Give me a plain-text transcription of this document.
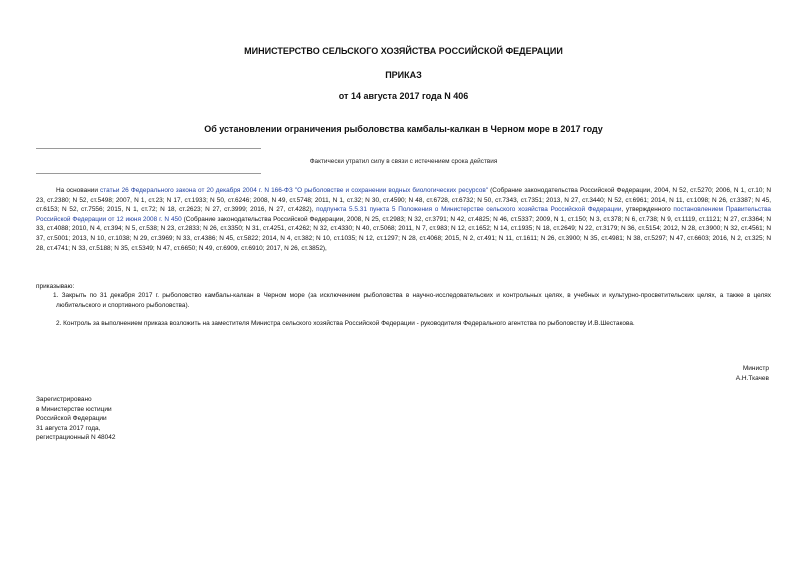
МИНИСТЕРСТВО СЕЛЬСКОГО ХОЗЯЙСТВА РОССИЙСКОЙ ФЕДЕРАЦИИ
ПРИКАЗ
от 14 августа 2017 года N 406
Об установлении ограничения рыболовства камбалы-калкан в Черном море в 2017 году
Фактически утратил силу в связи с истечением срока действия
На основании статьи 26 Федерального закона от 20 декабря 2004 г. N 166-ФЗ "О рыболовстве и сохранении водных биологических ресурсов" (Собрание законодательства Российской Федерации, 2004, N 52, ст.5270; 2006, N 1, ст.10; N 23, ст.2380; N 52, ст.5498; 2007, N 1, ст.23; N 17, ст.1933; N 50, ст.6246; 2008, N 49, ст.5748; 2011, N 1, ст.32; N 30, ст.4590; N 48, ст.6728, ст.6732; N 50, ст.7343, ст.7351; 2013, N 27, ст.3440; N 52, ст.6961; 2014, N 11, ст.1098; N 26, ст.3387; N 45, ст.6153; N 52, ст.7556; 2015, N 1, ст.72; N 18, ст.2623; N 27, ст.3999; 2016, N 27, ст.4282), подпункта 5.5.31 пункта 5 Положения о Министерстве сельского хозяйства Российской Федерации, утвержденного постановлением Правительства Российской Федерации от 12 июня 2008 г. N 450 (Собрание законодательства Российской Федерации, 2008, N 25, ст.2983; N 32, ст.3791; N 42, ст.4825; N 46, ст.5337; 2009, N 1, ст.150; N 3, ст.378; N 6, ст.738; N 9, ст.1119, ст.1121; N 27, ст.3364; N 33, ст.4088; 2010, N 4, ст.394; N 5, ст.538; N 23, ст.2833; N 26, ст.3350; N 31, ст.4251, ст.4262; N 32, ст.4330; N 40, ст.5068; 2011, N 7, ст.983; N 12, ст.1652; N 14, ст.1935; N 18, ст.2649; N 22, ст.3179; N 36, ст.5154; 2012, N 28, ст.3900; N 32, ст.4561; N 37, ст.5001; 2013, N 10, ст.1038; N 29, ст.3969; N 33, ст.4386; N 45, ст.5822; 2014, N 4, ст.382; N 10, ст.1035; N 12, ст.1297; N 28, ст.4068; 2015, N 2, ст.491; N 11, ст.1611; N 26, ст.3900; N 35, ст.4981; N 38, ст.5297; N 47, ст.6603; 2016, N 2, ст.325; N 28, ст.4741; N 33, ст.5188; N 35, ст.5349; N 47, ст.6650; N 49, ст.6909, ст.6910; 2017, N 26, ст.3852),
приказываю:
1. Закрыть по 31 декабря 2017 г. рыболовство камбалы-калкан в Черном море (за исключением рыболовства в научно-исследовательских и контрольных целях, в учебных и культурно-просветительских целях, а также в целях любительского и спортивного рыболовства).
2. Контроль за выполнением приказа возложить на заместителя Министра сельского хозяйства Российской Федерации - руководителя Федерального агентства по рыболовству И.В.Шестакова.
Министр
А.Н.Ткачев
Зарегистрировано
в Министерстве юстиции
Российской Федерации
31 августа 2017 года,
регистрационный N 48042
